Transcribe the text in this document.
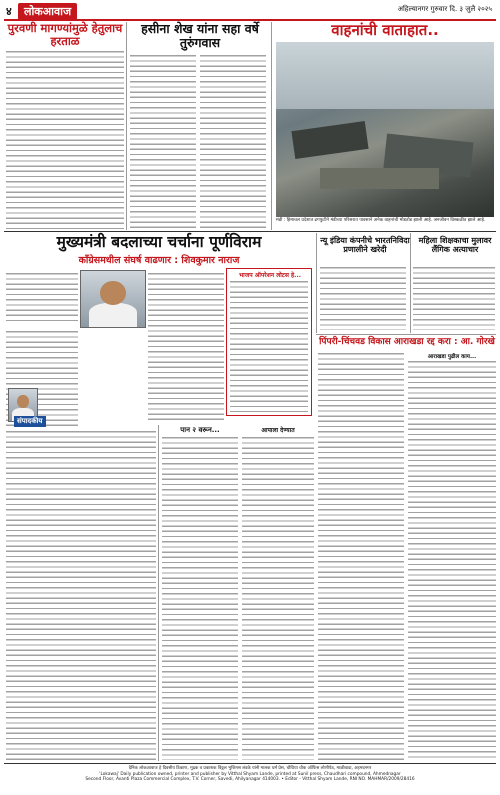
४	लोकआवाज	अहिल्यानगर गुरुवार दि. ३ जुलै २०२५
पुरवणी मागण्यांमुळे हेतुलाच हरताळ
हसीना शेख यांना सहा वर्षे तुरुंगवास
वाहनांची वाताहात..
मंडी : हिमाचल प्रदेशात ढगफुटीने मंडीच्या परिसरात पावसाने अनेक वाहनांची मोडतोड झाली आहे. जनजीवन विस्कळीत झाले आहे.
मुख्यमंत्री बदलाच्या चर्चाना पूर्णविराम
काँग्रेसमधील संघर्ष वाढणार : शिवकुमार नाराज
भाजप ऑपरेशन लोटस हे...
संपादकीय
पान २ वरून...	आपाला देण्यात
न्यू इंडिया कंपनीचे भारतनिविदा प्रणालीने खरेदी
महिला शिक्षकाचा मुलावर लैंगिक अत्याचार
पिंपरी-चिंचवड विकास आराखडा रद्द करा : आ. गोरखे
आराखडा पुढील काय...
दैनिक लोकआवाज हे दिवसीय ठिकाण, मुद्रक व प्रकाशक विठ्ठल भुकिंगस लंडके यांनी मालक धर्म प्रेस, चौधिया चौक ऑफिस लोणीपेठ, माळीवाडा, अहमदनगर
'Lokawaj' Daily publication owned, printer and publisher by Vitthal Shyam Lande, printed at Sunil press, Chaudhari compound, Ahmednagar
Second Floor, Avanti Plaza Commercial Complex, T.V. Corner, Savedi, Ahilyanagar 414003. • Editor - Vitthal Shyam Lande, RNI NO. MAHMAR/2009/28416
